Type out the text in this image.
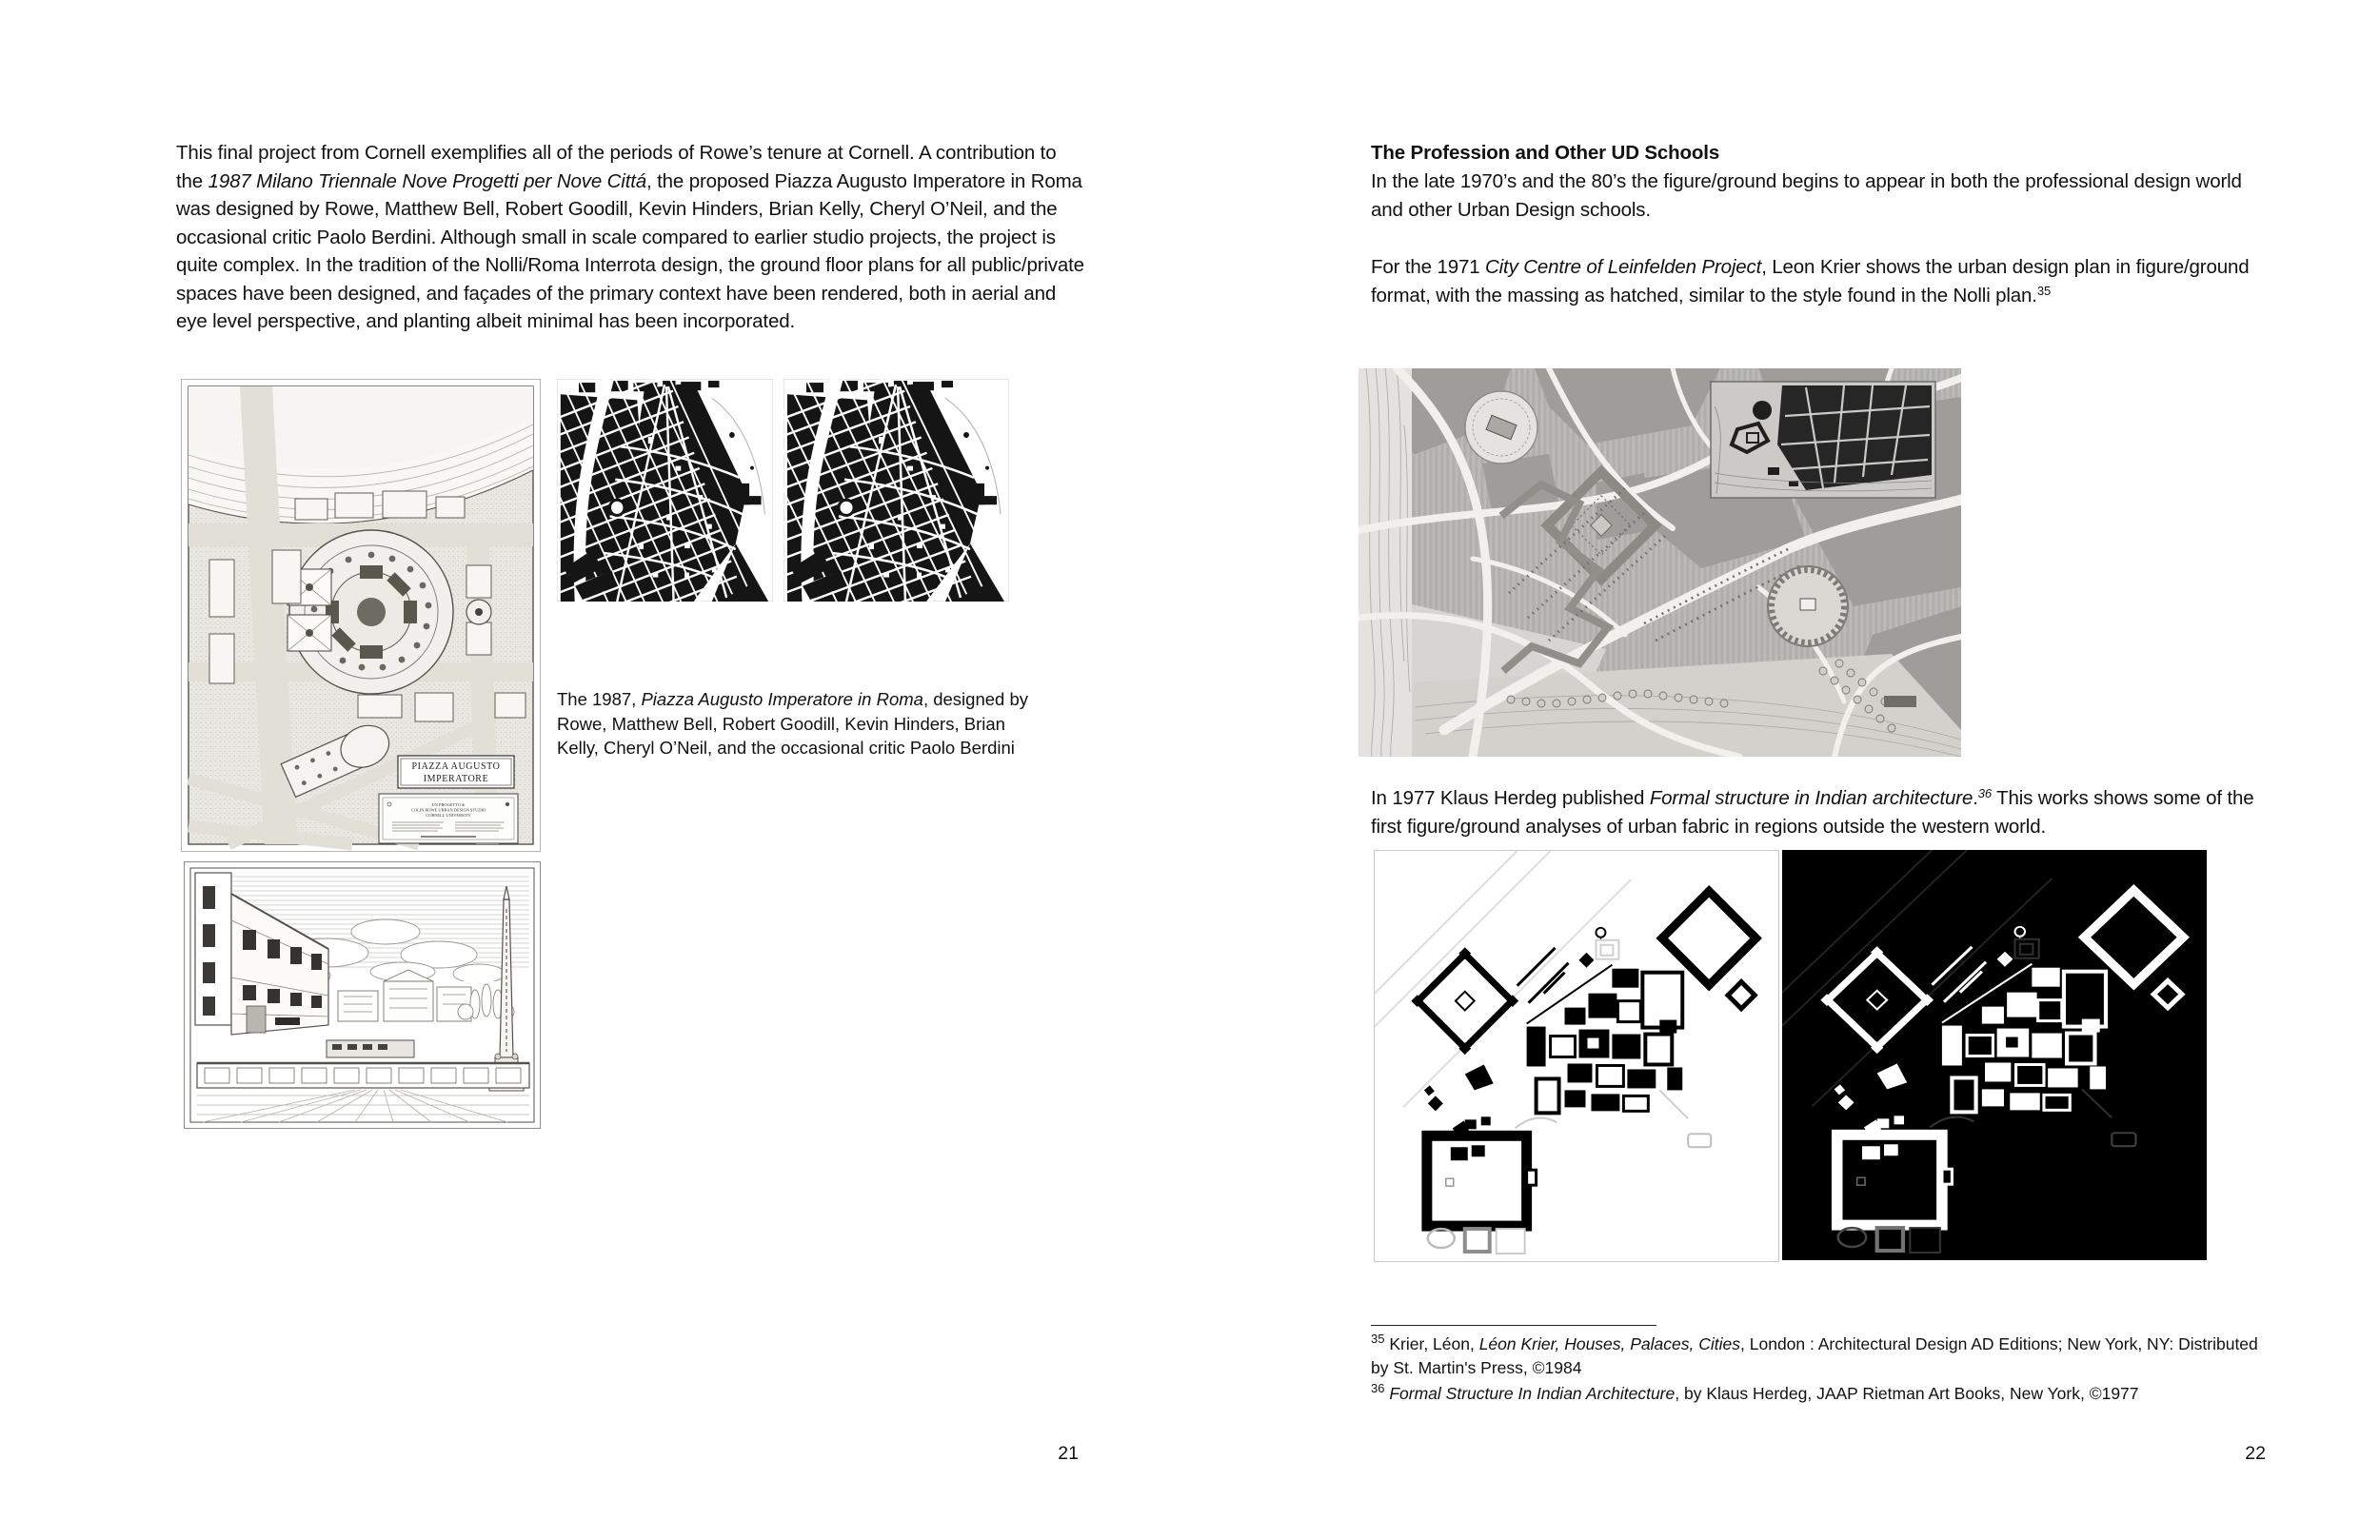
This final project from Cornell exemplifies all of the periods of Rowe’s tenure at Cornell. A contribution to the 1987 Milano Triennale Nove Progetti per Nove Cittá, the proposed Piazza Augusto Imperatore in Roma was designed by Rowe, Matthew Bell, Robert Goodill, Kevin Hinders, Brian Kelly, Cheryl O’Neil, and the occasional critic Paolo Berdini. Although small in scale compared to earlier studio projects, the project is quite complex. In the tradition of the Nolli/Roma Interrota design, the ground floor plans for all public/private spaces have been designed, and façades of the primary context have been rendered, both in aerial and eye level perspective, and planting albeit minimal has been incorporated.
PIAZZA AUGUSTO
IMPERATORE
UN PROGETTO di
COLIN ROWE URBAN DESIGN STUDIO
CORNELL UNIVERSITY
The 1987, Piazza Augusto Imperatore in Roma, designed by Rowe, Matthew Bell, Robert Goodill, Kevin Hinders, Brian Kelly, Cheryl O’Neil, and the occasional critic Paolo Berdini
21
The Profession and Other UD Schools
In the late 1970’s and the 80’s the figure/ground begins to appear in both the professional design world and other Urban Design schools.
For the 1971 City Centre of Leinfelden Project, Leon Krier shows the urban design plan in figure/ground format, with the massing as hatched, similar to the style found in the Nolli plan.$^{35}$
In 1977 Klaus Herdeg published Formal structure in Indian architecture.$^{36}$ This works shows some of the first figure/ground analyses of urban fabric in regions outside the western world.
$^{35}$ Krier, Léon, Léon Krier, Houses, Palaces, Cities, London : Architectural Design AD Editions; New York, NY: Distributed by St. Martin's Press, ©1984
$^{36}$ Formal Structure In Indian Architecture, by Klaus Herdeg, JAAP Rietman Art Books, New York, ©1977
22
